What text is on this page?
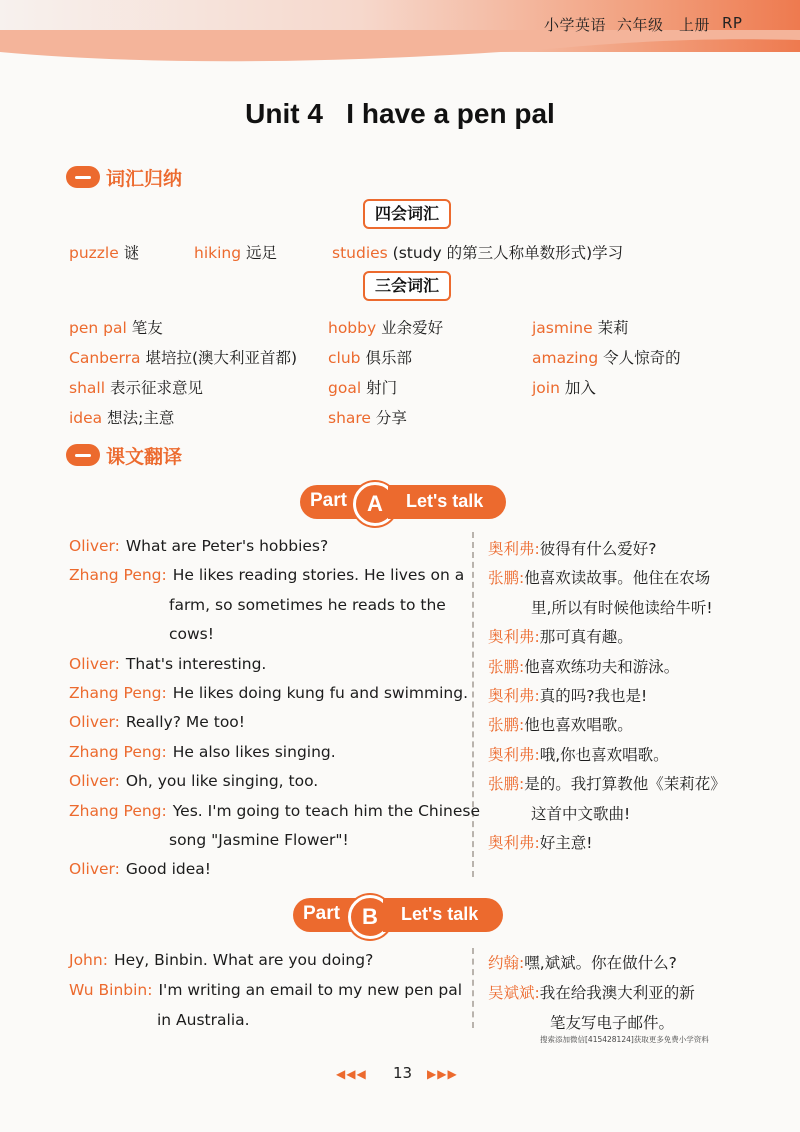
小学英语 六年级 上册 RP
Unit 4   I have a pen pal
词汇归纳
四会词汇
puzzle 谜	hiking 远足	studies (study 的第三人称单数形式)学习
三会词汇
pen pal 笔友	hobby 业余爱好	jasmine 茉莉
Canberra 堪培拉(澳大利亚首都) club 俱乐部	amazing 令人惊奇的
shall 表示征求意见	goal 射门	join 加入
idea 想法;主意	share 分享
课文翻译
Part A	Let's talk
Oliver: What are Peter's hobbies?
Zhang Peng: He likes reading stories. He lives on a
farm, so sometimes he reads to the
cows!
Oliver: That's interesting.
Zhang Peng: He likes doing kung fu and swimming.
Oliver: Really? Me too!
Zhang Peng: He also likes singing.
Oliver: Oh, you like singing, too.
Zhang Peng: Yes. I'm going to teach him the Chinese
song "Jasmine Flower"!
Oliver: Good idea!
奥利弗:彼得有什么爱好?
张鹏:他喜欢读故事。他住在农场
里,所以有时候他读给牛听!
奥利弗:那可真有趣。
张鹏:他喜欢练功夫和游泳。
奥利弗:真的吗?我也是!
张鹏:他也喜欢唱歌。
奥利弗:哦,你也喜欢唱歌。
张鹏:是的。我打算教他《茉莉花》
这首中文歌曲!
奥利弗:好主意!
Part	B	Let's talk
John: Hey, Binbin. What are you doing?
Wu Binbin: I'm writing an email to my new pen pal
in Australia.
约翰:嘿,斌斌。你在做什么?
吴斌斌:我在给我澳大利亚的新
笔友写电子邮件。
搜索添加微信[415428124]获取更多免费小学资料
◀◀◀ 13 ▶▶▶
